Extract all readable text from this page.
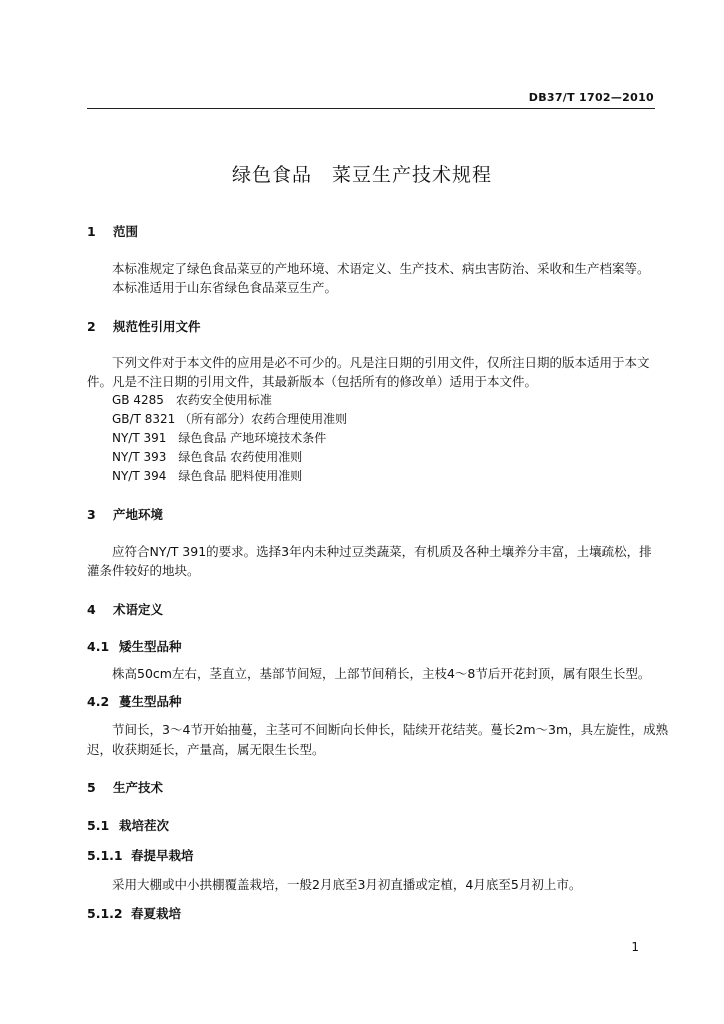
DB37/T 1702—2010
绿色食品　菜豆生产技术规程
1 范围
本标准规定了绿色食品菜豆的产地环境、术语定义、生产技术、病虫害防治、采收和生产档案等。
本标准适用于山东省绿色食品菜豆生产。
2 规范性引用文件
下列文件对于本文件的应用是必不可少的。凡是注日期的引用文件，仅所注日期的版本适用于本文
件。凡是不注日期的引用文件，其最新版本（包括所有的修改单）适用于本文件。
GB 4285　农药安全使用标准
GB/T 8321 （所有部分）农药合理使用准则
NY/T 391　绿色食品 产地环境技术条件
NY/T 393　绿色食品 农药使用准则
NY/T 394　绿色食品 肥料使用准则
3 产地环境
应符合NY/T 391的要求。选择3年内未种过豆类蔬菜，有机质及各种土壤养分丰富，土壤疏松，排
灌条件较好的地块。
4 术语定义
4.1 矮生型品种
株高50cm左右，茎直立，基部节间短，上部节间稍长，主枝4～8节后开花封顶，属有限生长型。
4.2 蔓生型品种
节间长，3～4节开始抽蔓，主茎可不间断向长伸长，陆续开花结荚。蔓长2m～3m，具左旋性，成熟
迟，收获期延长，产量高，属无限生长型。
5 生产技术
5.1 栽培茬次
5.1.1 春提早栽培
采用大棚或中小拱棚覆盖栽培，一般2月底至3月初直播或定植，4月底至5月初上市。
5.1.2 春夏栽培
1
